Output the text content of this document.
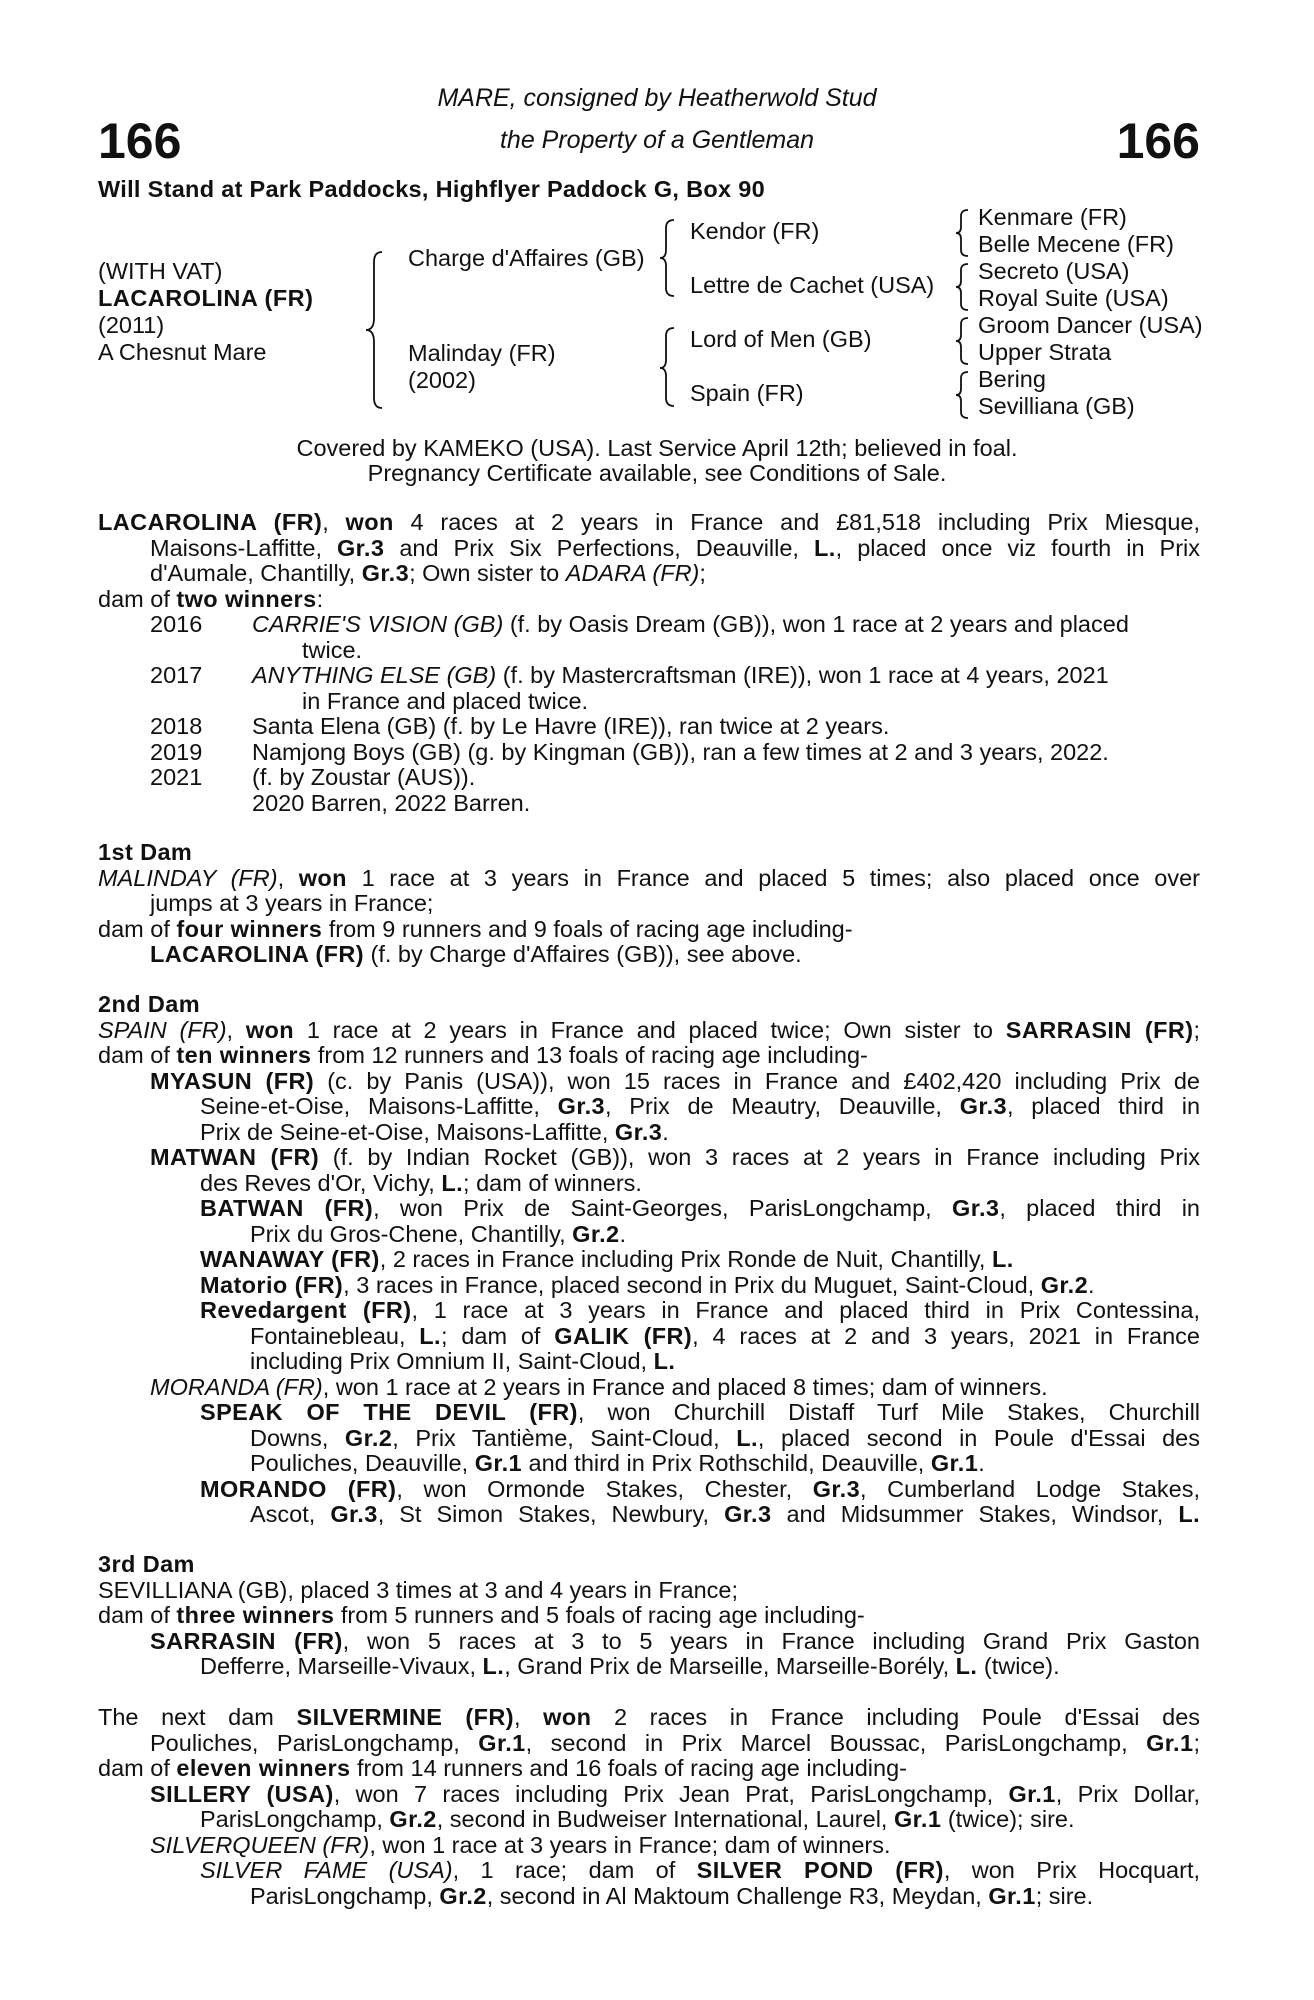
166	166
MARE, consigned by Heatherwold Stud
the Property of a Gentleman
Will Stand at Park Paddocks, Highflyer Paddock G, Box 90
(WITH VAT)
LACAROLINA (FR)
(2011)
A Chesnut Mare
Charge d'Affaires (GB)
Malinday (FR)
(2002)
Kendor (FR)
Lettre de Cachet (USA)
Lord of Men (GB)
Spain (FR)
Kenmare (FR)
Belle Mecene (FR)
Secreto (USA)
Royal Suite (USA)
Groom Dancer (USA)
Upper Strata
Bering
Sevilliana (GB)
Covered by KAMEKO (USA). Last Service April 12th; believed in foal.
Pregnancy Certificate available, see Conditions of Sale.
LACAROLINA (FR), won 4 races at 2 years in France and £81,518 including Prix Miesque,
Maisons-Laffitte, Gr.3 and Prix Six Perfections, Deauville, L., placed once viz fourth in Prix
d'Aumale, Chantilly, Gr.3; Own sister to ADARA (FR);
dam of two winners:
2016 CARRIE'S VISION (GB) (f. by Oasis Dream (GB)), won 1 race at 2 years and placed
twice.
2017 ANYTHING ELSE (GB) (f. by Mastercraftsman (IRE)), won 1 race at 4 years, 2021
in France and placed twice.
2018 Santa Elena (GB) (f. by Le Havre (IRE)), ran twice at 2 years.
2019 Namjong Boys (GB) (g. by Kingman (GB)), ran a few times at 2 and 3 years, 2022.
2021 (f. by Zoustar (AUS)).
2020 Barren, 2022 Barren.
1st Dam
MALINDAY (FR), won 1 race at 3 years in France and placed 5 times; also placed once over
jumps at 3 years in France;
dam of four winners from 9 runners and 9 foals of racing age including-
LACAROLINA (FR) (f. by Charge d'Affaires (GB)), see above.
2nd Dam
SPAIN (FR), won 1 race at 2 years in France and placed twice; Own sister to SARRASIN (FR);
dam of ten winners from 12 runners and 13 foals of racing age including-
MYASUN (FR) (c. by Panis (USA)), won 15 races in France and £402,420 including Prix de
Seine-et-Oise, Maisons-Laffitte, Gr.3, Prix de Meautry, Deauville, Gr.3, placed third in
Prix de Seine-et-Oise, Maisons-Laffitte, Gr.3.
MATWAN (FR) (f. by Indian Rocket (GB)), won 3 races at 2 years in France including Prix
des Reves d'Or, Vichy, L.; dam of winners.
BATWAN (FR), won Prix de Saint-Georges, ParisLongchamp, Gr.3, placed third in
Prix du Gros-Chene, Chantilly, Gr.2.
WANAWAY (FR), 2 races in France including Prix Ronde de Nuit, Chantilly, L.
Matorio (FR), 3 races in France, placed second in Prix du Muguet, Saint-Cloud, Gr.2.
Revedargent (FR), 1 race at 3 years in France and placed third in Prix Contessina,
Fontainebleau, L.; dam of GALIK (FR), 4 races at 2 and 3 years, 2021 in France
including Prix Omnium II, Saint-Cloud, L.
MORANDA (FR), won 1 race at 2 years in France and placed 8 times; dam of winners.
SPEAK OF THE DEVIL (FR), won Churchill Distaff Turf Mile Stakes, Churchill
Downs, Gr.2, Prix Tantième, Saint-Cloud, L., placed second in Poule d'Essai des
Pouliches, Deauville, Gr.1 and third in Prix Rothschild, Deauville, Gr.1.
MORANDO (FR), won Ormonde Stakes, Chester, Gr.3, Cumberland Lodge Stakes,
Ascot, Gr.3, St Simon Stakes, Newbury, Gr.3 and Midsummer Stakes, Windsor, L.
3rd Dam
SEVILLIANA (GB), placed 3 times at 3 and 4 years in France;
dam of three winners from 5 runners and 5 foals of racing age including-
SARRASIN (FR), won 5 races at 3 to 5 years in France including Grand Prix Gaston
Defferre, Marseille-Vivaux, L., Grand Prix de Marseille, Marseille-Borély, L. (twice).
The next dam SILVERMINE (FR), won 2 races in France including Poule d'Essai des
Pouliches, ParisLongchamp, Gr.1, second in Prix Marcel Boussac, ParisLongchamp, Gr.1;
dam of eleven winners from 14 runners and 16 foals of racing age including-
SILLERY (USA), won 7 races including Prix Jean Prat, ParisLongchamp, Gr.1, Prix Dollar,
ParisLongchamp, Gr.2, second in Budweiser International, Laurel, Gr.1 (twice); sire.
SILVERQUEEN (FR), won 1 race at 3 years in France; dam of winners.
SILVER FAME (USA), 1 race; dam of SILVER POND (FR), won Prix Hocquart,
ParisLongchamp, Gr.2, second in Al Maktoum Challenge R3, Meydan, Gr.1; sire.
